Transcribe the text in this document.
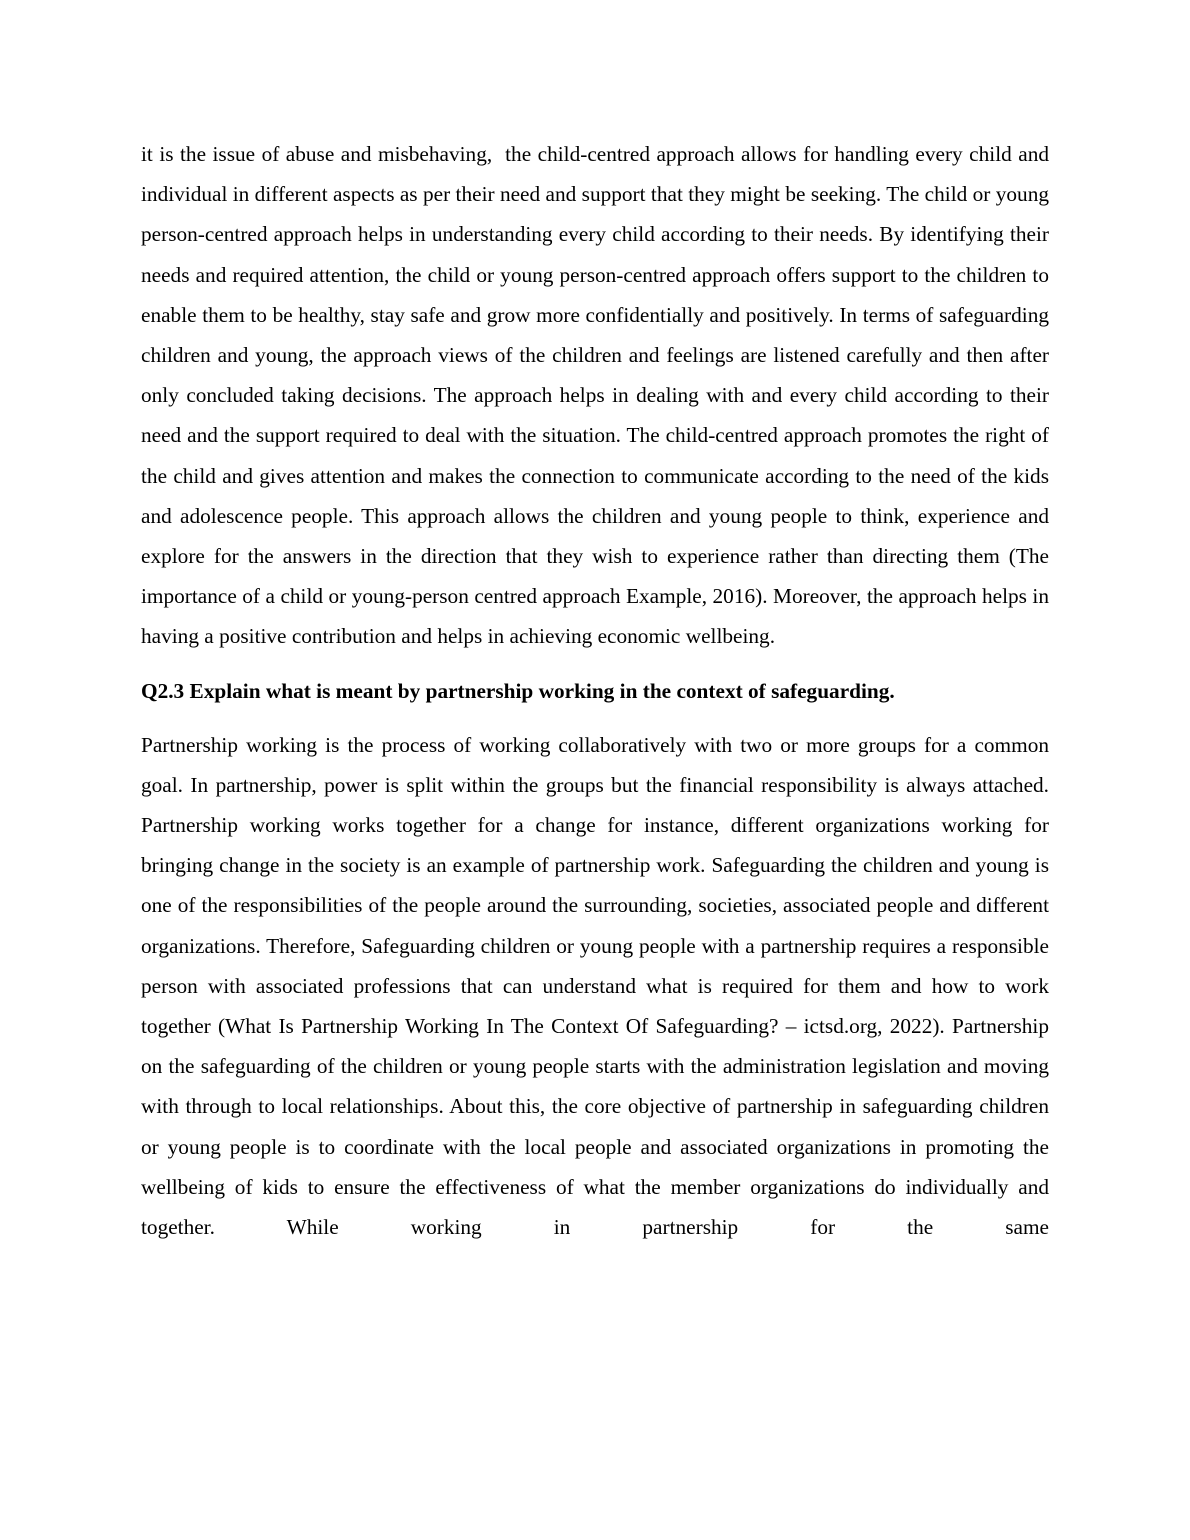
it is the issue of abuse and misbehaving,  the child-centred approach allows for handling every child and individual in different aspects as per their need and support that they might be seeking. The child or young person-centred approach helps in understanding every child according to their needs. By identifying their needs and required attention, the child or young person-centred approach offers support to the children to enable them to be healthy, stay safe and grow more confidentially and positively. In terms of safeguarding children and young, the approach views of the children and feelings are listened carefully and then after only concluded taking decisions. The approach helps in dealing with and every child according to their need and the support required to deal with the situation. The child-centred approach promotes the right of the child and gives attention and makes the connection to communicate according to the need of the kids and adolescence people. This approach allows the children and young people to think, experience and explore for the answers in the direction that they wish to experience rather than directing them (The importance of a child or young-person centred approach Example, 2016). Moreover, the approach helps in having a positive contribution and helps in achieving economic wellbeing.

Q2.3 Explain what is meant by partnership working in the context of safeguarding.

Partnership working is the process of working collaboratively with two or more groups for a common goal. In partnership, power is split within the groups but the financial responsibility is always attached. Partnership working works together for a change for instance, different organizations working for bringing change in the society is an example of partnership work. Safeguarding the children and young is one of the responsibilities of the people around the surrounding, societies, associated people and different organizations. Therefore, Safeguarding children or young people with a partnership requires a responsible person with associated professions that can understand what is required for them and how to work together (What Is Partnership Working In The Context Of Safeguarding? – ictsd.org, 2022). Partnership on the safeguarding of the children or young people starts with the administration legislation and moving with through to local relationships. About this, the core objective of partnership in safeguarding children or young people is to coordinate with the local people and associated organizations in promoting the wellbeing of kids to ensure the effectiveness of what the member organizations do individually and together. While working in partnership for the same
